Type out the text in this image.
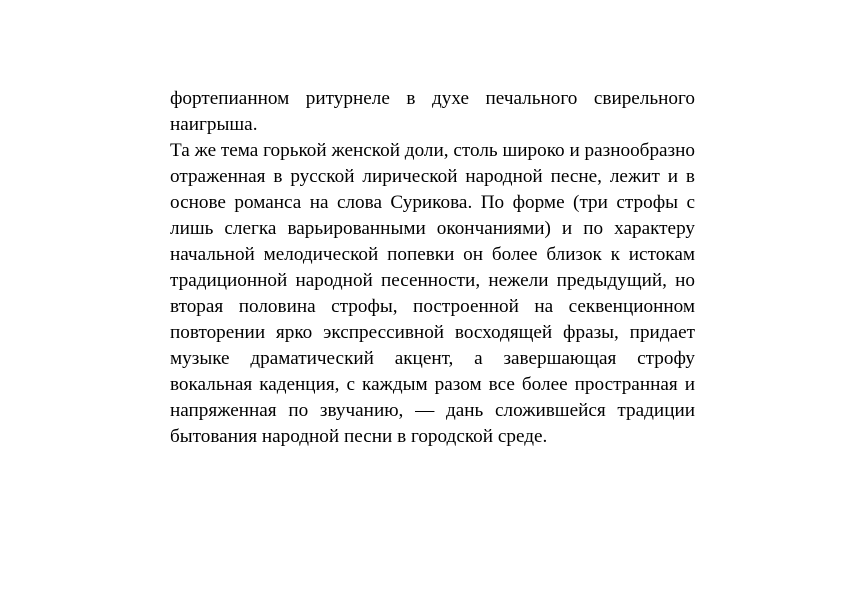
фортепианном ритурнеле в духе печального свирельного наигрыша.

Та же тема горькой женской доли, столь широко и разнообразно отраженная в русской лирической народной песне, лежит и в основе романса на слова Сурикова. По форме (три строфы с лишь слегка варьированными окончаниями) и по характеру начальной мелодической попевки он более близок к истокам традиционной народной песенности, нежели предыдущий, но вторая половина строфы, построенной на секвенционном повторении ярко экспрессивной восходящей фразы, придает музыке драматический акцент, а завершающая строфу вокальная каденция, с каждым разом все более пространная и напряженная по звучанию, — дань сложившейся традиции бытования народной песни в городской среде.
